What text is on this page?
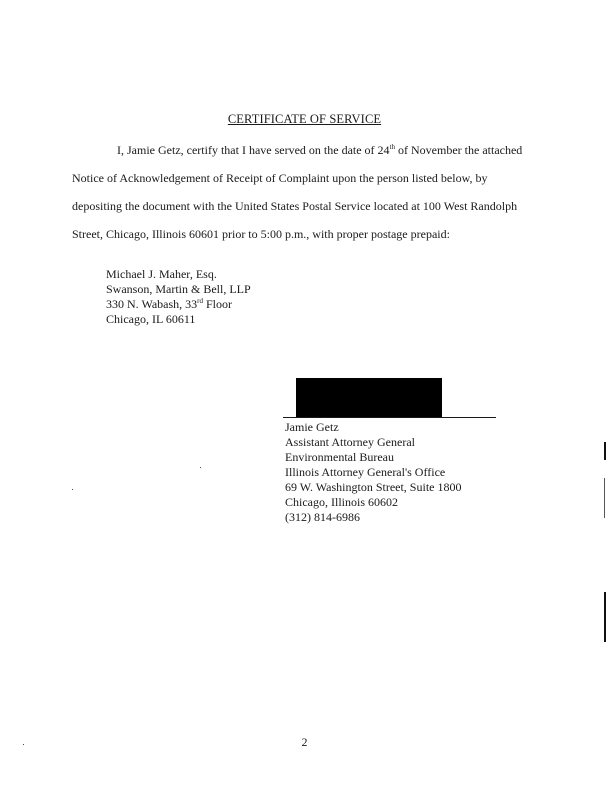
CERTIFICATE OF SERVICE
I, Jamie Getz, certify that I have served on the date of 24th of November the attached
Notice of Acknowledgement of Receipt of Complaint upon the person listed below, by
depositing the document with the United States Postal Service located at 100 West Randolph
Street, Chicago, Illinois 60601 prior to 5:00 p.m., with proper postage prepaid:
Michael J. Maher, Esq.
Swanson, Martin & Bell, LLP
330 N. Wabash, 33rd Floor
Chicago, IL 60611
Jamie Getz
Assistant Attorney General
Environmental Bureau
Illinois Attorney General's Office
69 W. Washington Street, Suite 1800
Chicago, Illinois 60602
(312) 814-6986
2
